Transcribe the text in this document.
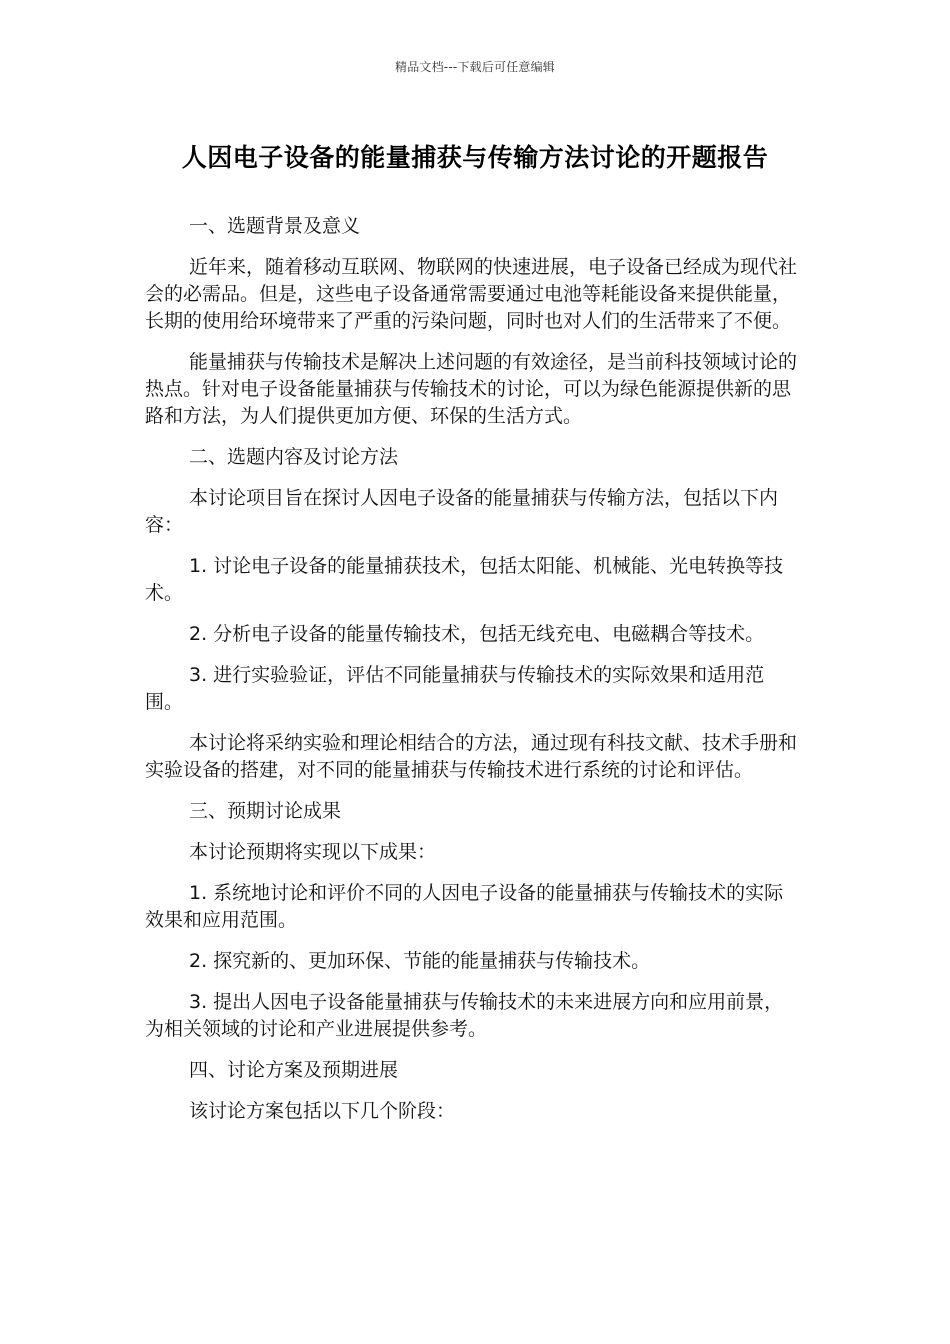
精品文档---下载后可任意编辑
人因电子设备的能量捕获与传输方法讨论的开题报告

一、选题背景及意义

近年来，随着移动互联网、物联网的快速进展，电子设备已经成为现代社会的必需品。但是，这些电子设备通常需要通过电池等耗能设备来提供能量，长期的使用给环境带来了严重的污染问题，同时也对人们的生活带来了不便。

能量捕获与传输技术是解决上述问题的有效途径，是当前科技领域讨论的热点。针对电子设备能量捕获与传输技术的讨论，可以为绿色能源提供新的思路和方法，为人们提供更加方便、环保的生活方式。

二、选题内容及讨论方法

本讨论项目旨在探讨人因电子设备的能量捕获与传输方法，包括以下内容：

1. 讨论电子设备的能量捕获技术，包括太阳能、机械能、光电转换等技术。

2. 分析电子设备的能量传输技术，包括无线充电、电磁耦合等技术。

3. 进行实验验证，评估不同能量捕获与传输技术的实际效果和适用范围。

本讨论将采纳实验和理论相结合的方法，通过现有科技文献、技术手册和实验设备的搭建，对不同的能量捕获与传输技术进行系统的讨论和评估。

三、预期讨论成果

本讨论预期将实现以下成果：

1. 系统地讨论和评价不同的人因电子设备的能量捕获与传输技术的实际效果和应用范围。

2. 探究新的、更加环保、节能的能量捕获与传输技术。

3. 提出人因电子设备能量捕获与传输技术的未来进展方向和应用前景，为相关领域的讨论和产业进展提供参考。

四、讨论方案及预期进展

该讨论方案包括以下几个阶段：
